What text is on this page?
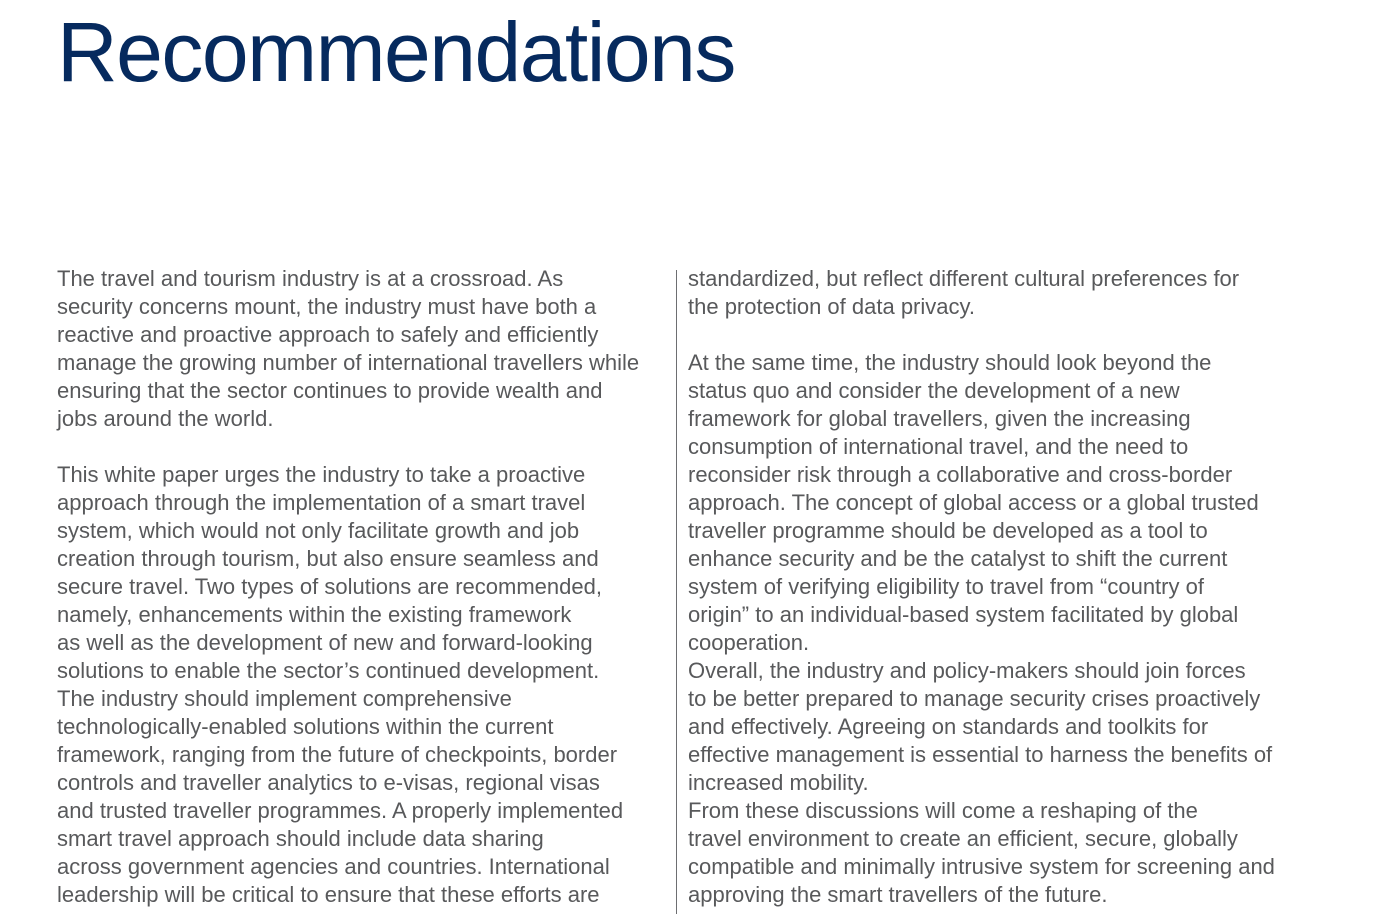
Recommendations

The travel and tourism industry is at a crossroad. As
security concerns mount, the industry must have both a
reactive and proactive approach to safely and efficiently
manage the growing number of international travellers while
ensuring that the sector continues to provide wealth and
jobs around the world.

This white paper urges the industry to take a proactive
approach through the implementation of a smart travel
system, which would not only facilitate growth and job
creation through tourism, but also ensure seamless and
secure travel. Two types of solutions are recommended,
namely, enhancements within the existing framework
as well as the development of new and forward-looking
solutions to enable the sector’s continued development.
The industry should implement comprehensive
technologically-enabled solutions within the current
framework, ranging from the future of checkpoints, border
controls and traveller analytics to e-visas, regional visas
and trusted traveller programmes. A properly implemented
smart travel approach should include data sharing
across government agencies and countries. International
leadership will be critical to ensure that these efforts are

standardized, but reflect different cultural preferences for
the protection of data privacy.

At the same time, the industry should look beyond the
status quo and consider the development of a new
framework for global travellers, given the increasing
consumption of international travel, and the need to
reconsider risk through a collaborative and cross-border
approach. The concept of global access or a global trusted
traveller programme should be developed as a tool to
enhance security and be the catalyst to shift the current
system of verifying eligibility to travel from “country of
origin” to an individual-based system facilitated by global
cooperation.
Overall, the industry and policy-makers should join forces
to be better prepared to manage security crises proactively
and effectively. Agreeing on standards and toolkits for
effective management is essential to harness the benefits of
increased mobility.
From these discussions will come a reshaping of the
travel environment to create an efficient, secure, globally
compatible and minimally intrusive system for screening and
approving the smart travellers of the future.
